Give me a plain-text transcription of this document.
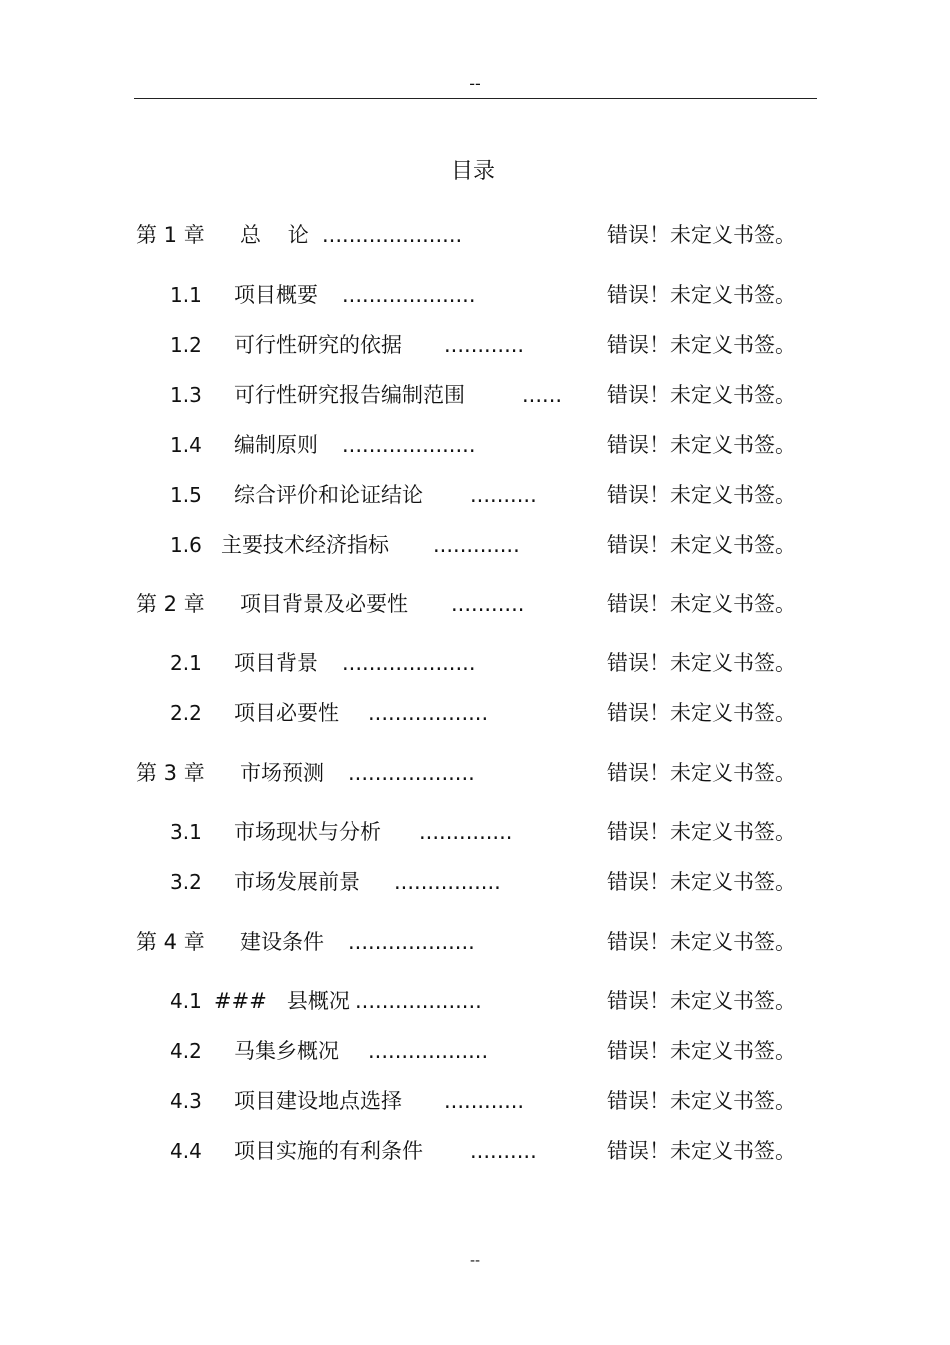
--
目录
第 1 章 总    论 .....................	错误！未定义书签。
1.1 项目概要 ....................	错误！未定义书签。
1.2 可行性研究的依据 ............	错误！未定义书签。
1.3 可行性研究报告编制范围	...... 错误！未定义书签。
1.4 编制原则 ....................	错误！未定义书签。
1.5 综合评价和论证结论 ..........	错误！未定义书签。
1.6 主要技术经济指标 .............	错误！未定义书签。
第 2 章 项目背景及必要性 ...........	错误！未定义书签。
2.1 项目背景 ....................	错误！未定义书签。
2.2 项目必要性 ..................	错误！未定义书签。
第 3 章 市场预测 ...................	错误！未定义书签。
3.1 市场现状与分析 ..............	错误！未定义书签。
3.2 市场发展前景 ................	错误！未定义书签。
第 4 章 建设条件 ...................	错误！未定义书签。
4.1 ###   县概况 ...................	错误！未定义书签。
4.2 马集乡概况 ..................	错误！未定义书签。
4.3 项目建设地点选择 ............	错误！未定义书签。
4.4 项目实施的有利条件 ..........	错误！未定义书签。
--
